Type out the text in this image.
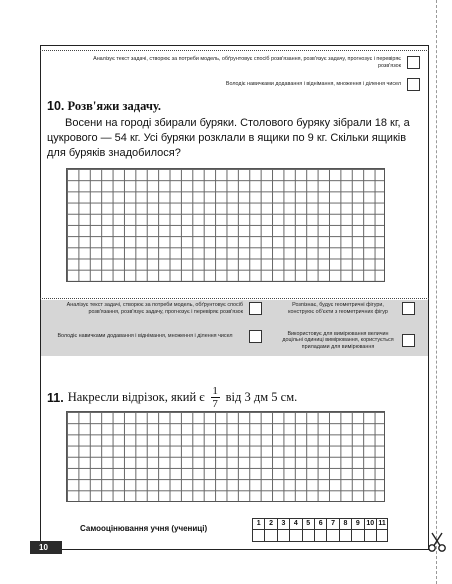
Аналізує текст задачі, створює за потреби модель, обґрунтовує спосіб розв'язання, розв'язує задачу, прогнозує і перевіряє розв'язок
Володіє навичками додавання і віднімання, множення і ділення чисел
10. Розв'яжи задачу.
Восени на городі збирали буряки. Столового буряку зібрали 18 кг, а цукрового — 54 кг. Усі буряки розклали в ящики по 9 кг. Скільки ящиків для буряків знадобилося?
Аналізує текст задачі, створює за потреби модель, обґрунтовує спосіб розв'язання, розв'язує задачу, прогнозує і перевіряє розв'язок
Володіє навичками додавання і віднімання, множення і ділення чисел
Розпізнає, будує геометричні фігури, конструює об'єкти з геометричних фігур
Використовує для вимірювання величин доцільні одиниці вимірювання, користується приладами для вимірювання
11. Накресли відрізок, який є 1
7 від 3 дм 5 см.
Самооцінювання учня (учениці)
1	2	3	4	5	6	7	8	9 10 11
10
